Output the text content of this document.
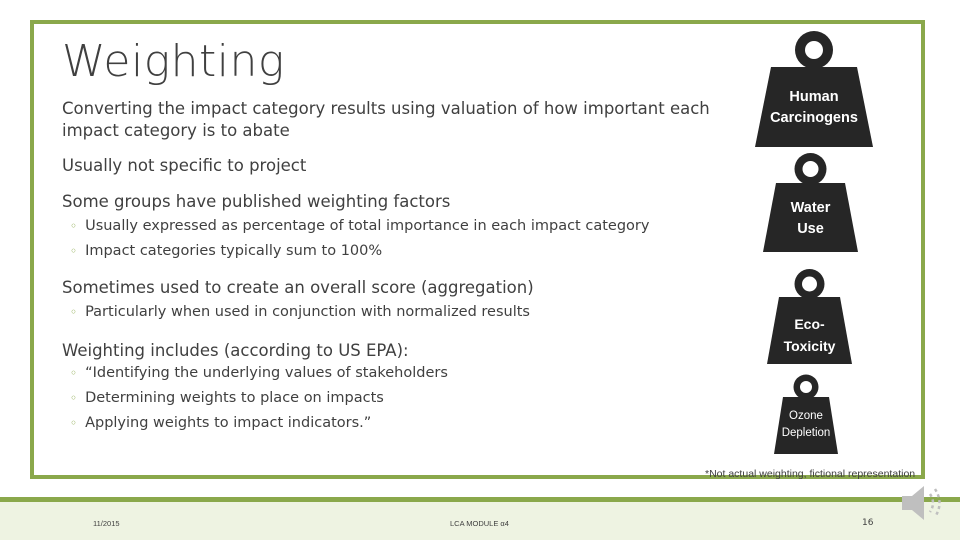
Weighting
Converting the impact category results using valuation of how important each impact category is to abate
Usually not specific to project
Some groups have published weighting factors
◦ Usually expressed as percentage of total importance in each impact category
◦ Impact categories typically sum to 100%
Sometimes used to create an overall score (aggregation)
◦ Particularly when used in conjunction with normalized results
Weighting includes (according to US EPA):
◦ “Identifying the underlying values of stakeholders
◦ Determining weights to place on impacts
◦ Applying weights to impact indicators.”
Human
Carcinogens
Water
Use
Eco-
Toxicity
Ozone
Depletion
*Not actual weighting, fictional representation
11/2015	LCA MODULE α4	16
